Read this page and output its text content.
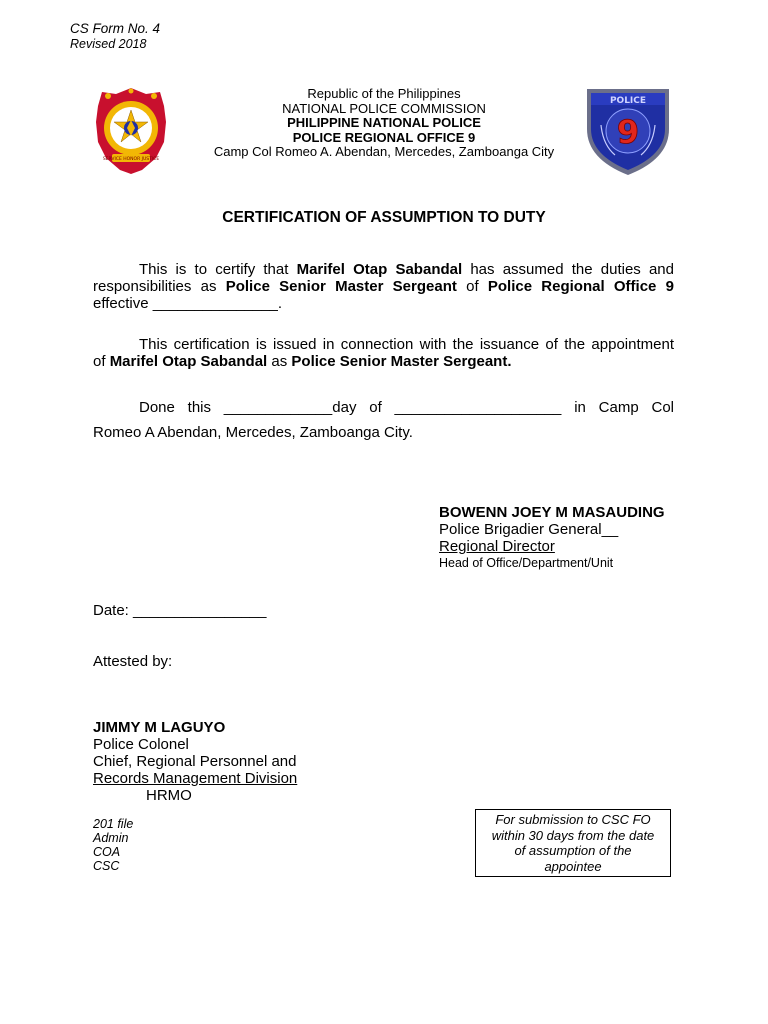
CS Form No. 4
Revised 2018
SERVICE HONOR JUSTICE
Republic of the Philippines
NATIONAL POLICE COMMISSION
PHILIPPINE NATIONAL POLICE
POLICE REGIONAL OFFICE 9
Camp Col Romeo A. Abendan, Mercedes, Zamboanga City
POLICE
9
CERTIFICATION OF ASSUMPTION TO DUTY
This is to certify that Marifel Otap Sabandal has assumed the duties and
responsibilities as Police Senior Master Sergeant of Police Regional Office 9
effective _______________.
This certification is issued in connection with the issuance of the appointment
of Marifel Otap Sabandal as Police Senior Master Sergeant.
Done  this  _____________day  of  ____________________  in  Camp  Col
Romeo A Abendan, Mercedes, Zamboanga City.
BOWENN JOEY M MASAUDING
Police Brigadier General__
Regional Director
Head of Office/Department/Unit
Date: ________________
Attested by:
JIMMY M LAGUYO
Police Colonel
Chief, Regional Personnel and
Records Management Division
HRMO
201 file
Admin
COA
CSC
For submission to CSC FO
within 30 days from the date
of assumption of the
appointee
